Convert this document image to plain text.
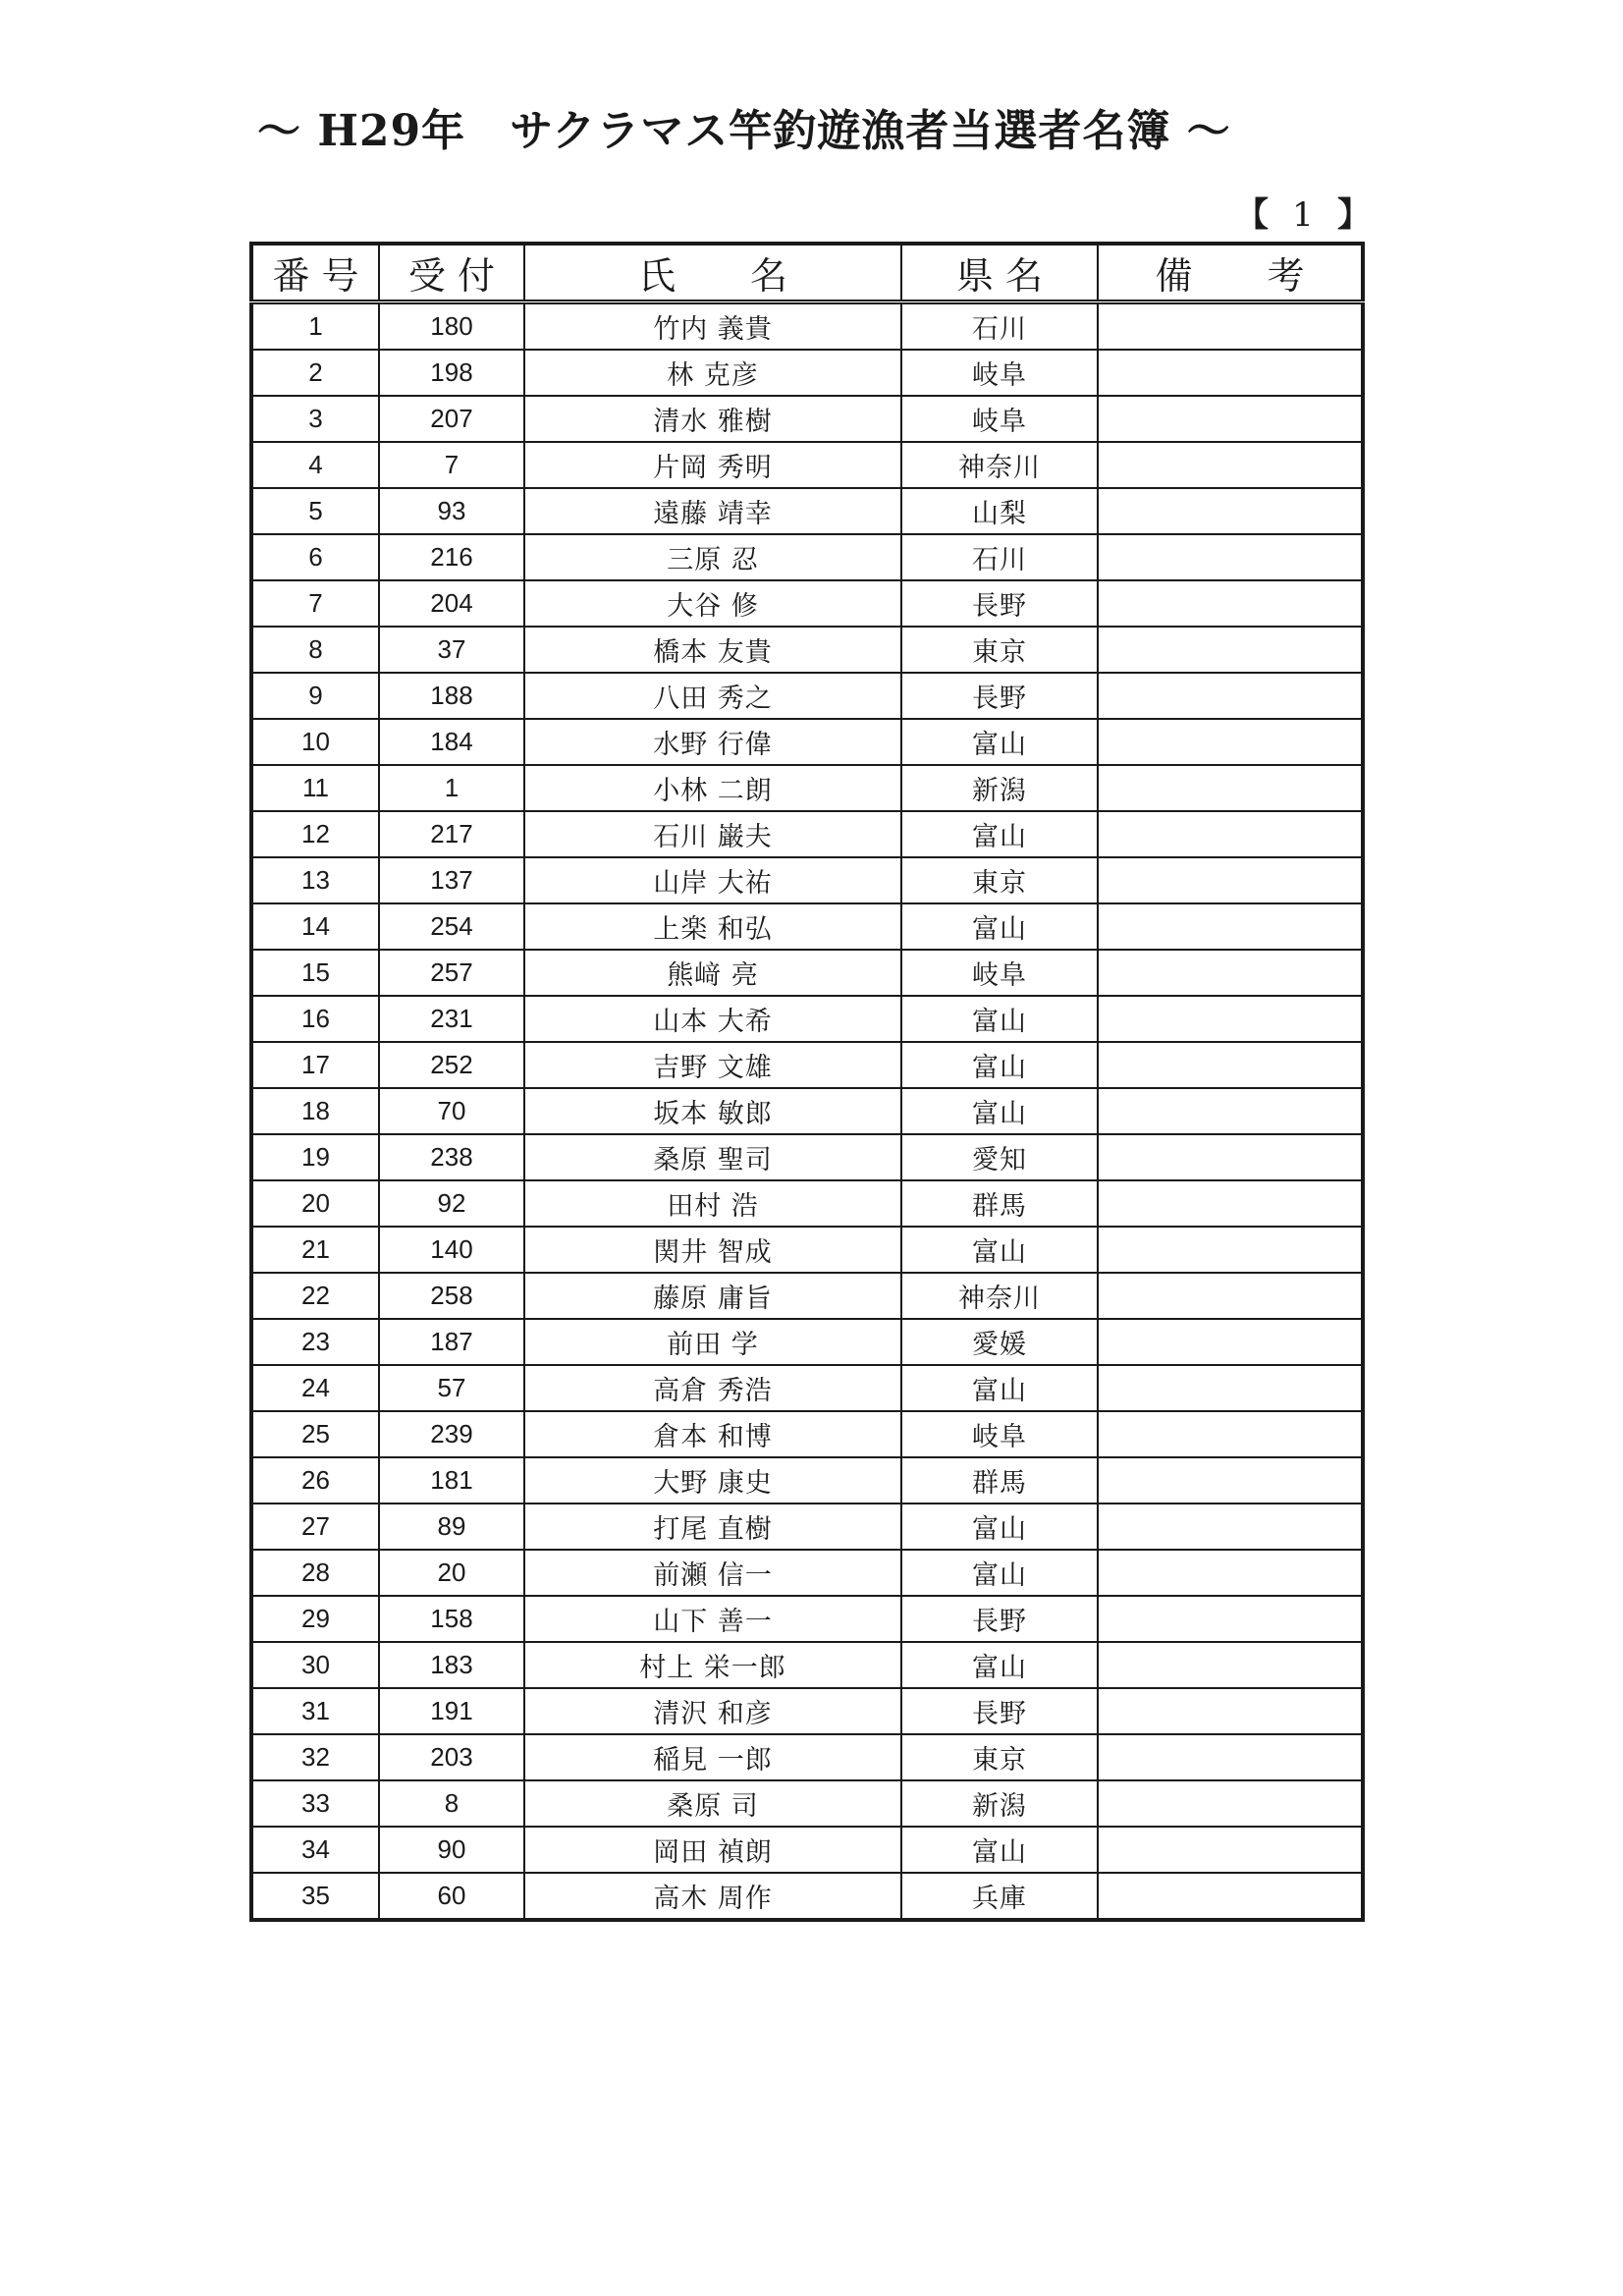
～ H29年　サクラマス竿釣遊漁者当選者名簿 ～
【 1 】
番 号	受 付	氏　　名	県 名	備　　考
1	180	竹内 義貴	石川	
2	198	林 克彦	岐阜	
3	207	清水 雅樹	岐阜	
4	7	片岡 秀明	神奈川	
5	93	遠藤 靖幸	山梨	
6	216	三原 忍	石川	
7	204	大谷 修	長野	
8	37	橋本 友貴	東京	
9	188	八田 秀之	長野	
10	184	水野 行偉	富山	
11	1	小林 二朗	新潟	
12	217	石川 巌夫	富山	
13	137	山岸 大祐	東京	
14	254	上楽 和弘	富山	
15	257	熊﨑 亮	岐阜	
16	231	山本 大希	富山	
17	252	吉野 文雄	富山	
18	70	坂本 敏郎	富山	
19	238	桑原 聖司	愛知	
20	92	田村 浩	群馬	
21	140	関井 智成	富山	
22	258	藤原 庸旨	神奈川	
23	187	前田 学	愛媛	
24	57	高倉 秀浩	富山	
25	239	倉本 和博	岐阜	
26	181	大野 康史	群馬	
27	89	打尾 直樹	富山	
28	20	前瀬 信一	富山	
29	158	山下 善一	長野	
30	183	村上 栄一郎	富山	
31	191	清沢 和彦	長野	
32	203	稲見 一郎	東京	
33	8	桑原 司	新潟	
34	90	岡田 禎朗	富山	
35	60	高木 周作	兵庫	
